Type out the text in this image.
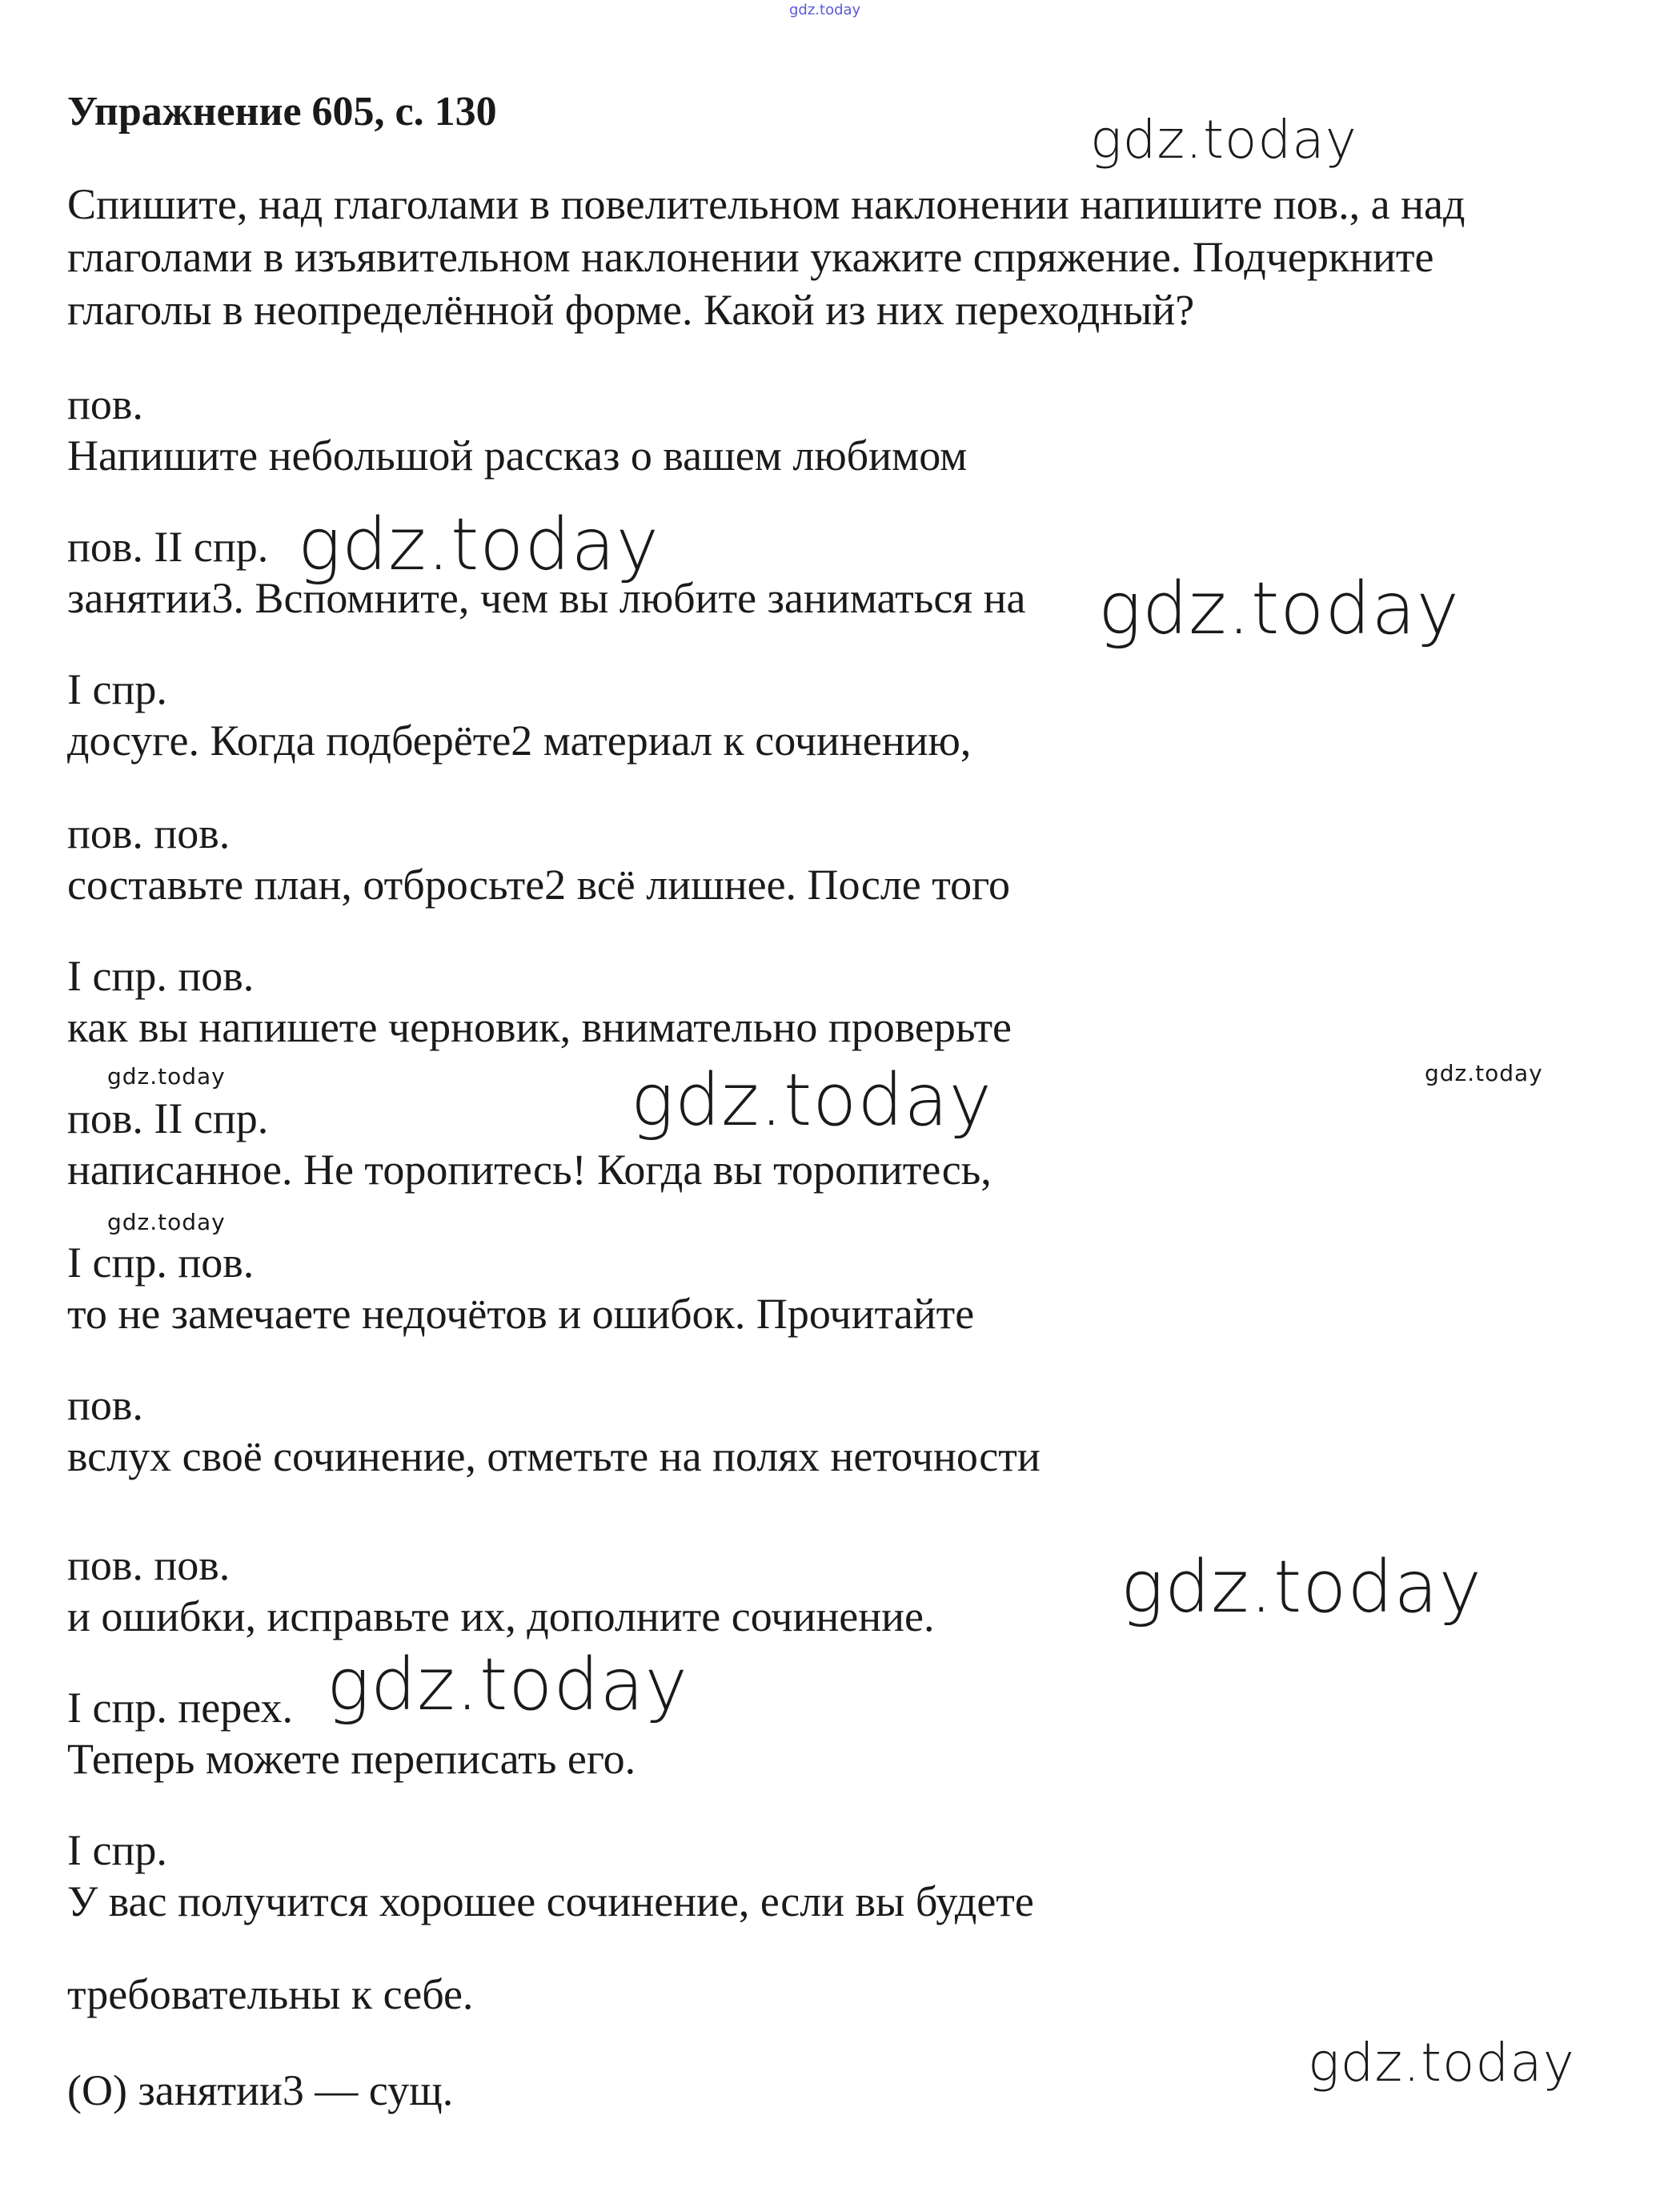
gdz.today
gdz.today
gdz.today
gdz.today
gdz.today	gdz.today	gdz.today
gdz.today
gdz.today
gdz.today
gdz.today
Упражнение 605, с. 130
Спишите, над глаголами в повелительном наклонении напишите пов., а над
глаголами в изъявительном наклонении укажите спряжение. Подчеркните
глаголы в неопределённой форме. Какой из них переходный?
пов.
Напишите небольшой рассказ о вашем любимом
пов. II спр.
занятии3. Вспомните, чем вы любите заниматься на
I спр.
досуге. Когда подберёте2 материал к сочинению,
пов. пов.
составьте план, отбросьте2 всё лишнее. После того
I спр. пов.
как вы напишете черновик, внимательно проверьте
пов. II спр.
написанное. Не торопитесь! Когда вы торопитесь,
I спр. пов.
то не замечаете недочётов и ошибок. Прочитайте
пов.
вслух своё сочинение, отметьте на полях неточности
пов. пов.
и ошибки, исправьте их, дополните сочинение.
I спр. перех.
Теперь можете переписать его.
I спр.
У вас получится хорошее сочинение, если вы будете
требовательны к себе.
(О) занятии3 — сущ.
